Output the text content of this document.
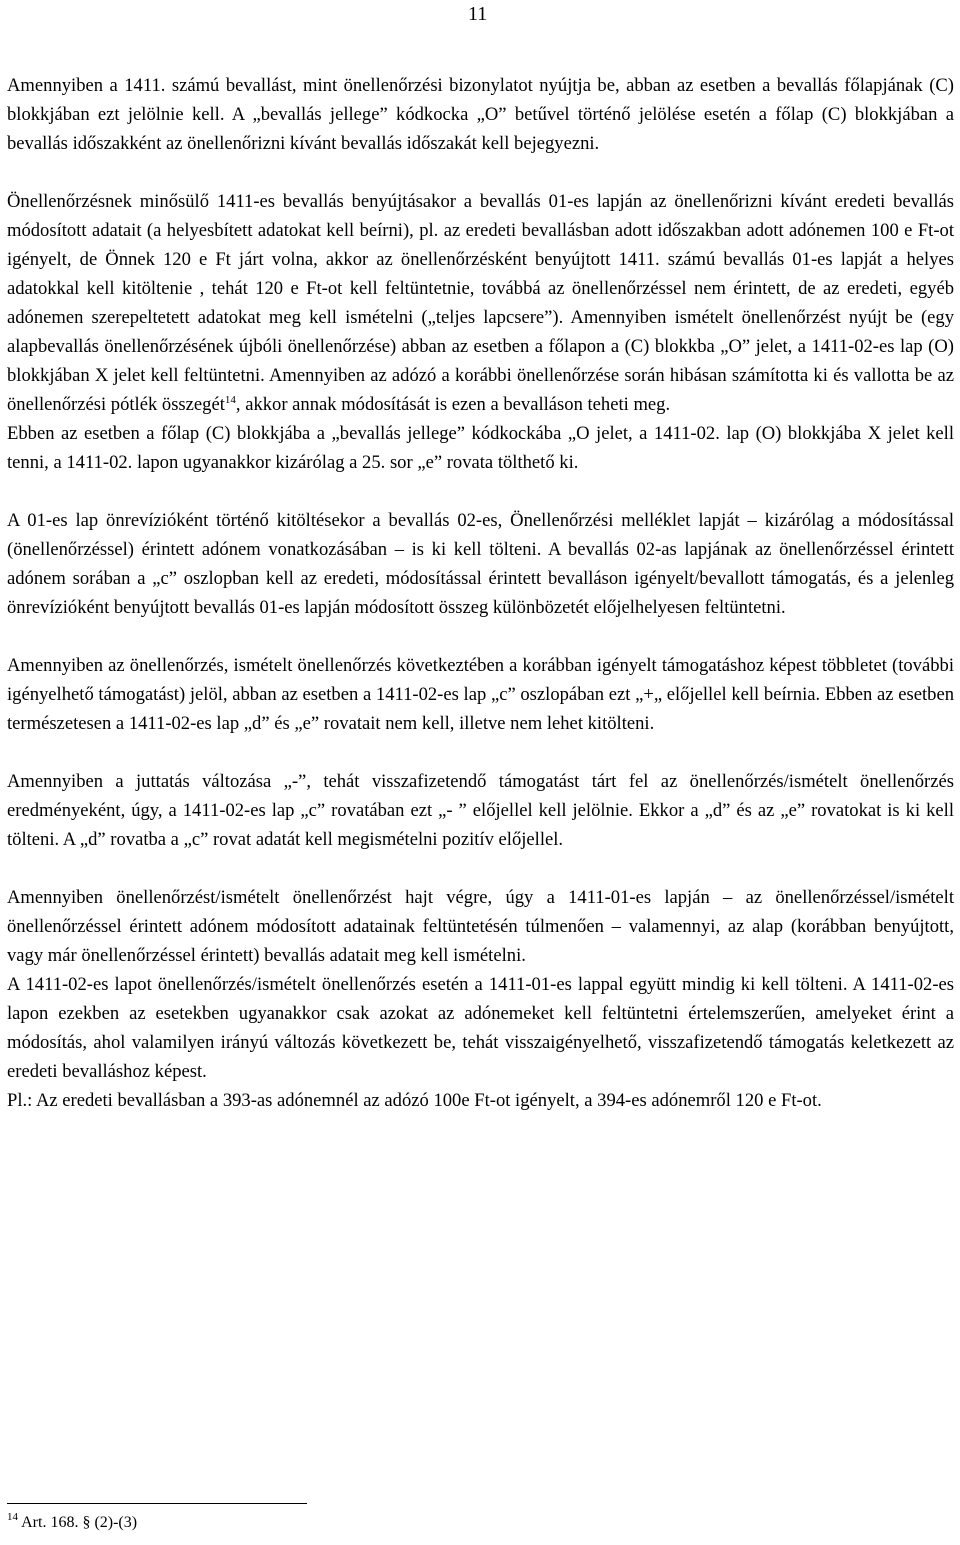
11

Amennyiben a 1411. számú bevallást, mint önellenőrzési bizonylatot nyújtja be, abban az esetben a bevallás főlapjának (C) blokkjában ezt jelölnie kell. A „bevallás jellege” kódkocka „O” betűvel történő jelölése esetén a főlap (C) blokkjában a bevallás időszakként az önellenőrizni kívánt bevallás időszakát kell bejegyezni.

Önellenőrzésnek minősülő 1411-es bevallás benyújtásakor a bevallás 01-es lapján az önellenőrizni kívánt eredeti bevallás módosított adatait (a helyesbített adatokat kell beírni), pl. az eredeti bevallásban adott időszakban adott adónemen 100 e Ft-ot igényelt, de Önnek 120 e Ft járt volna, akkor az önellenőrzésként benyújtott 1411. számú bevallás 01-es lapját a helyes adatokkal kell kitöltenie , tehát 120 e Ft-ot kell feltüntetnie, továbbá az önellenőrzéssel nem érintett, de az eredeti, egyéb adónemen szerepeltetett adatokat meg kell ismételni („teljes lapcsere”). Amennyiben ismételt önellenőrzést nyújt be (egy alapbevallás önellenőrzésének újbóli önellenőrzése) abban az esetben a főlapon a (C) blokkba „O” jelet, a 1411-02-es lap (O) blokkjában X jelet kell feltüntetni. Amennyiben az adózó a korábbi önellenőrzése során hibásan számította ki és vallotta be az önellenőrzési pótlék összegét$^{14}$, akkor annak módosítását is ezen a bevalláson teheti meg.

Ebben az esetben a főlap (C) blokkjába a „bevallás jellege” kódkockába „O jelet, a 1411-02. lap (O) blokkjába X jelet kell tenni, a 1411-02. lapon ugyanakkor kizárólag a 25. sor „e” rovata tölthető ki.

A 01-es lap önrevízióként történő kitöltésekor a bevallás 02-es, Önellenőrzési melléklet lapját – kizárólag a módosítással (önellenőrzéssel) érintett adónem vonatkozásában – is ki kell tölteni. A bevallás 02-as lapjának az önellenőrzéssel érintett adónem sorában a „c” oszlopban kell az eredeti, módosítással érintett bevalláson igényelt/bevallott támogatás, és a jelenleg önrevízióként benyújtott bevallás 01-es lapján módosított összeg különbözetét előjelhelyesen feltüntetni.

Amennyiben az önellenőrzés, ismételt önellenőrzés következtében a korábban igényelt támogatáshoz képest többletet (további igényelhető támogatást) jelöl, abban az esetben a 1411-02-es lap „c” oszlopában ezt „+„ előjellel kell beírnia. Ebben az esetben természetesen a 1411-02-es lap „d” és „e” rovatait nem kell, illetve nem lehet kitölteni.

Amennyiben a juttatás változása „-”, tehát visszafizetendő támogatást tárt fel az önellenőrzés/ismételt önellenőrzés eredményeként, úgy, a 1411-02-es lap „c” rovatában ezt „- ” előjellel kell jelölnie. Ekkor a „d” és az „e” rovatokat is ki kell tölteni. A „d” rovatba a „c” rovat adatát kell megismételni pozitív előjellel.

Amennyiben önellenőrzést/ismételt önellenőrzést hajt végre, úgy a 1411-01-es lapján – az önellenőrzéssel/ismételt önellenőrzéssel érintett adónem módosított adatainak feltüntetésén túlmenően – valamennyi, az alap (korábban benyújtott, vagy már önellenőrzéssel érintett) bevallás adatait meg kell ismételni.

A 1411-02-es lapot önellenőrzés/ismételt önellenőrzés esetén a 1411-01-es lappal együtt mindig ki kell tölteni. A 1411-02-es lapon ezekben az esetekben ugyanakkor csak azokat az adónemeket kell feltüntetni értelemszerűen, amelyeket érint a módosítás, ahol valamilyen irányú változás következett be, tehát visszaigényelhető, visszafizetendő támogatás keletkezett az eredeti bevalláshoz képest.

Pl.: Az eredeti bevallásban a 393-as adónemnél az adózó 100e Ft-ot igényelt, a 394-es adónemről 120 e Ft-ot.

$^{14}$ Art. 168. § (2)-(3)
